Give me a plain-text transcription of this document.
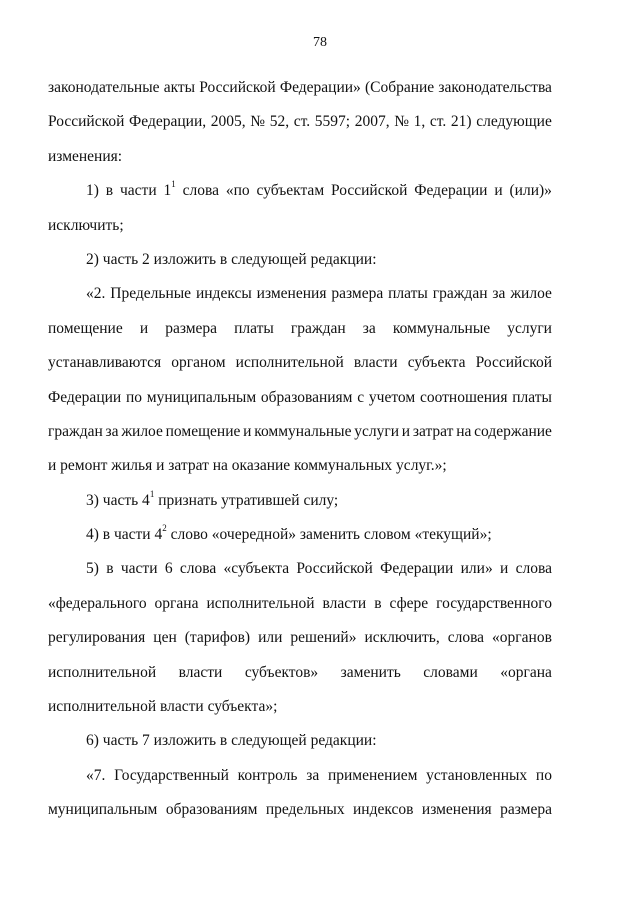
78
законодательные акты Российской Федерации» (Собрание законодательства
Российской Федерации, 2005, № 52, ст. 5597; 2007, № 1, ст. 21) следующие
изменения:
1) в части $1^1$ слова «по субъектам Российской Федерации и (или)»
исключить;
2) часть 2 изложить в следующей редакции:
«2. Предельные индексы изменения размера платы граждан за жилое
помещение и размера платы граждан за коммунальные услуги
устанавливаются органом исполнительной власти субъекта Российской
Федерации по муниципальным образованиям с учетом соотношения платы
граждан за жилое помещение и коммунальные услуги и затрат на содержание
и ремонт жилья и затрат на оказание коммунальных услуг.»;
3) часть $4^1$ признать утратившей силу;
4) в части $4^2$ слово «очередной» заменить словом «текущий»;
5) в части 6 слова «субъекта Российской Федерации или» и слова
«федерального органа исполнительной власти в сфере государственного
регулирования цен (тарифов) или решений» исключить, слова «органов
исполнительной власти субъектов» заменить словами «органа
исполнительной власти субъекта»;
6) часть 7 изложить в следующей редакции:
«7. Государственный контроль за применением установленных по
муниципальным образованиям предельных индексов изменения размера
